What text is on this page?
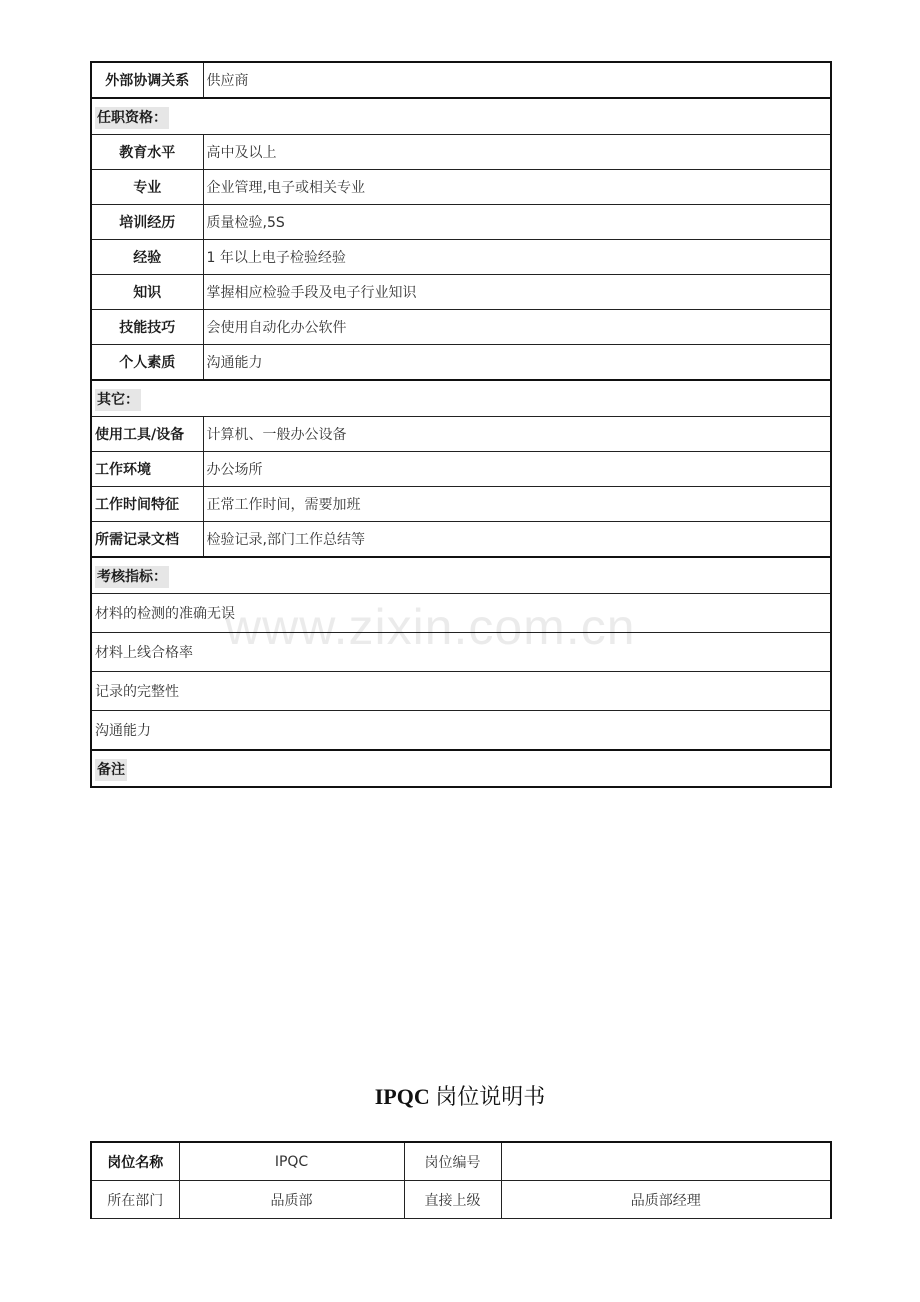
外部协调关系	供应商
任职资格：	
教育水平	高中及以上
专业	企业管理,电子或相关专业
培训经历	质量检验,5S
经验	1 年以上电子检验经验
知识	掌握相应检验手段及电子行业知识
技能技巧	会使用自动化办公软件
个人素质	沟通能力
其它：	
使用工具/设备	计算机、一般办公设备
工作环境	办公场所
工作时间特征	正常工作时间，需要加班
所需记录文档	检验记录,部门工作总结等
考核指标：	
材料的检测的准确无误	
材料上线合格率	
记录的完整性	
沟通能力	
备注	
www.zixin.com.cn
IPQC 岗位说明书
岗位名称	IPQC	岗位编号	
所在部门	品质部	直接上级	品质部经理
